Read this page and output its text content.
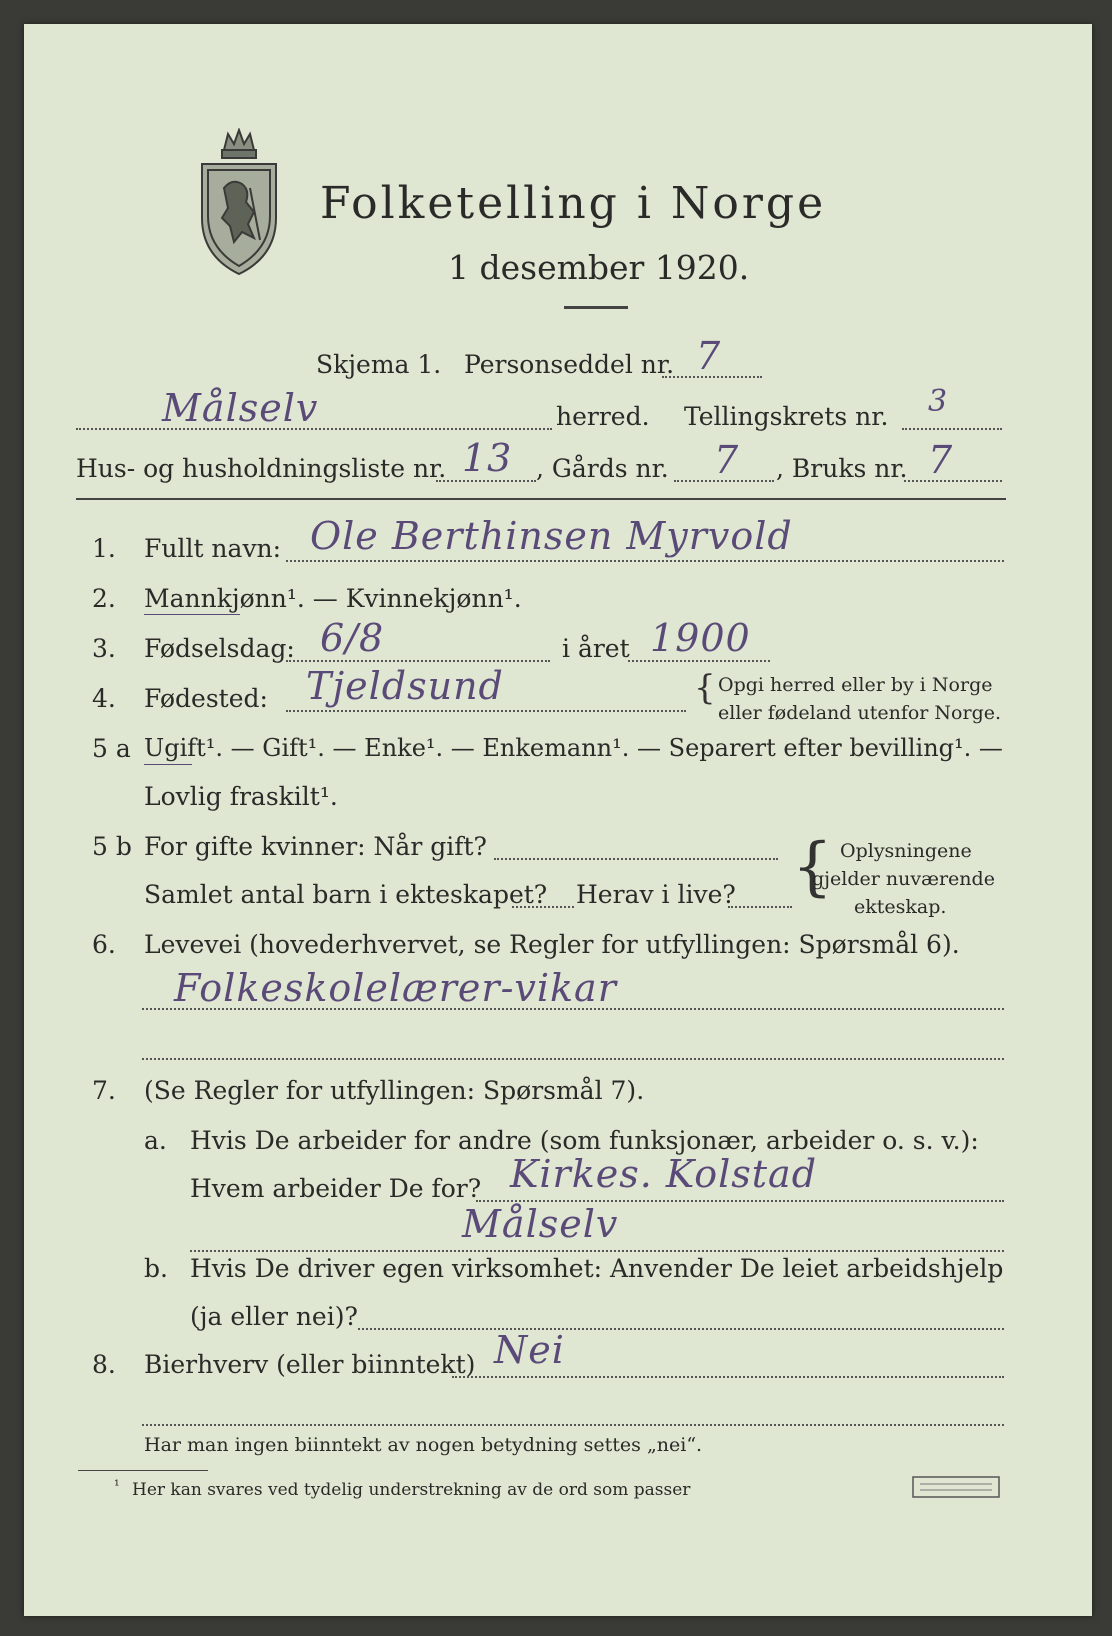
Folketelling i Norge
1 desember 1920.
Skjema 1. Personseddel nr. 7
Målselv	herred. Tellingskrets nr. 3
Hus- og husholdningsliste nr. 13 , Gårds nr. 7 , Bruks nr. 7
1. Fullt navn: Ole Berthinsen Myrvold
2. Mannkjønn¹. — Kvinnekjønn¹.
3. Fødselsdag: 6/8	i året 1900
4. Fødested: Tjeldsund	{ Opgi herred eller by i Norge
eller fødeland utenfor Norge.
5 a Ugift¹. — Gift¹. — Enke¹. — Enkemann¹. — Separert efter bevilling¹. —
Lovlig fraskilt¹.
5 b For gifte kvinner: Når gift?
Samlet antal barn i ekteskapet? Herav i live? { Oplysningene
gjelder nuværende
ekteskap.
6. Levevei (hovederhvervet, se Regler for utfyllingen: Spørsmål 6).
Folkeskolelærer-vikar
7. (Se Regler for utfyllingen: Spørsmål 7).
a. Hvis De arbeider for andre (som funksjonær, arbeider o. s. v.):
Hvem arbeider De for? Kirkes. Kolstad
Målselv
b. Hvis De driver egen virksomhet: Anvender De leiet arbeidshjelp
(ja eller nei)?
8. Bierhverv (eller biinntekt) Nei
Har man ingen biinntekt av nogen betydning settes „nei“.
¹ Her kan svares ved tydelig understrekning av de ord som passer
